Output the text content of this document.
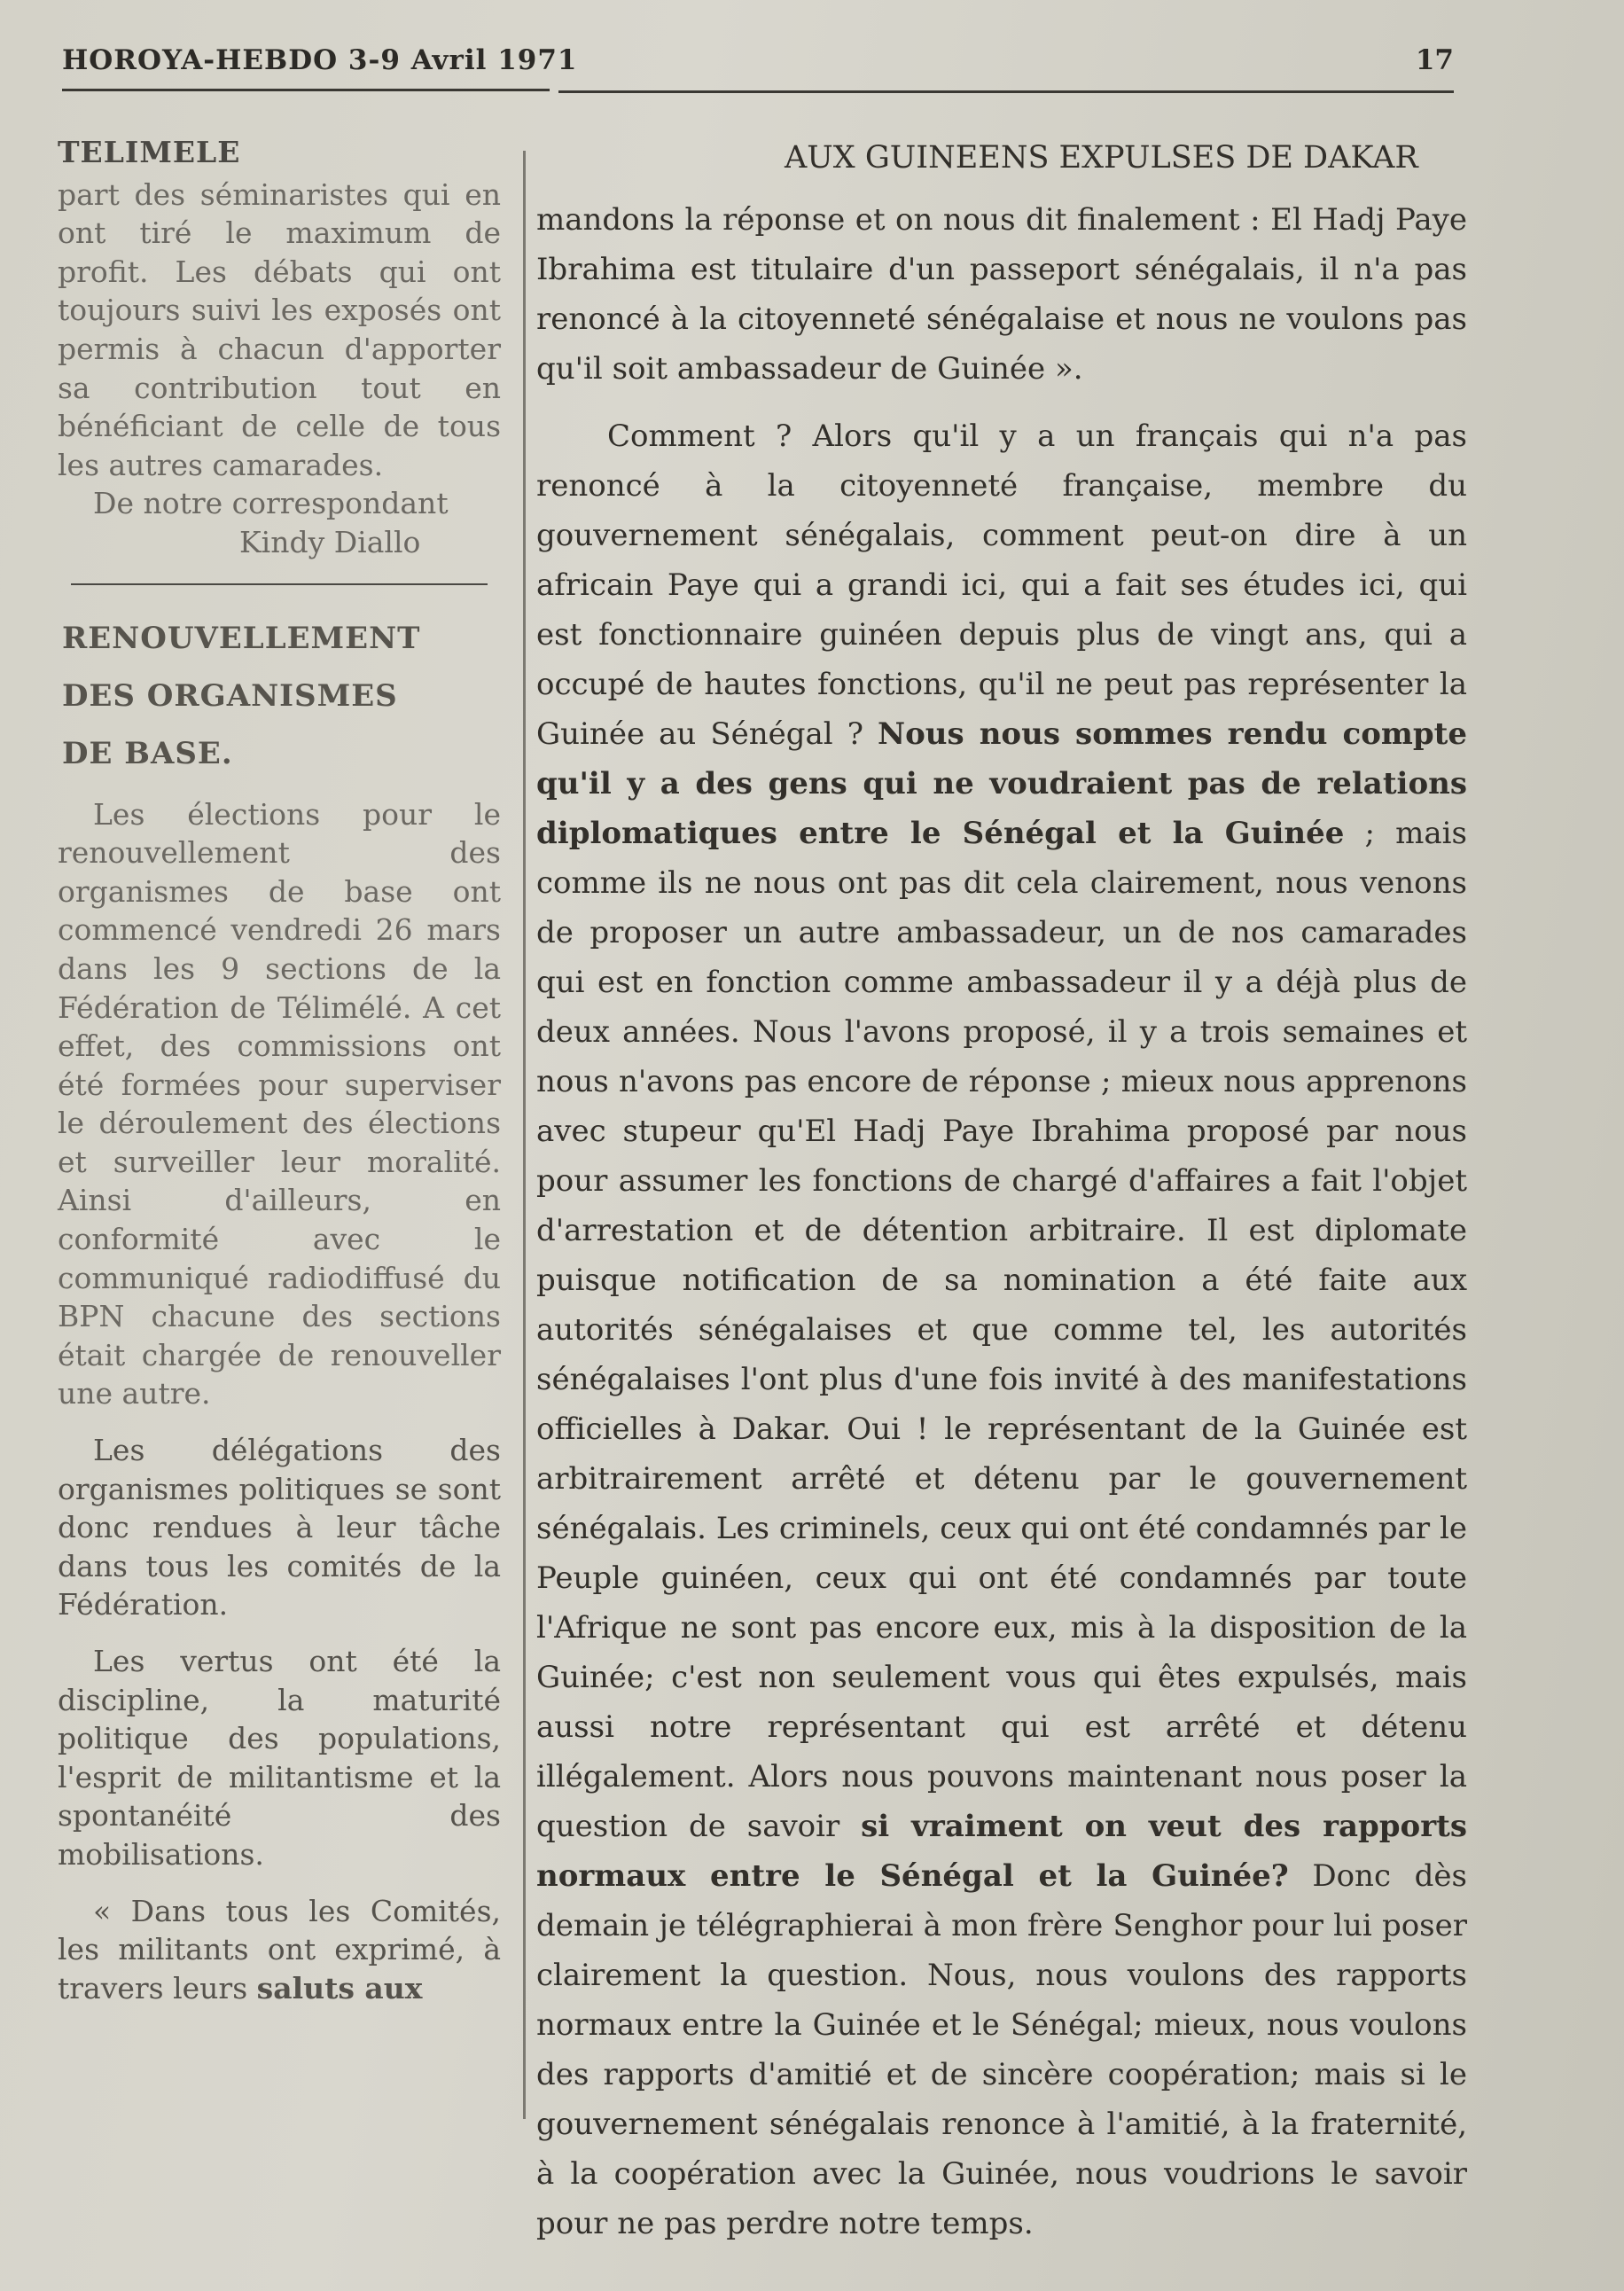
HOROYA-HEBDO 3-9 Avril 1971	17
TELIMELE

part des séminaristes qui en ont tiré le maximum de profit. Les débats qui ont toujours suivi les exposés ont permis à chacun d'apporter sa contribution tout en bénéficiant de celle de tous les autres camarades.

De notre correspondant

Kindy Diallo

RENOUVELLEMENT
DES ORGANISMES
DE BASE.

Les élections pour le renouvellement des organismes de base ont commencé vendredi 26 mars dans les 9 sections de la Fédération de Télimélé. A cet effet, des commissions ont été formées pour superviser le déroulement des élections et surveiller leur moralité. Ainsi d'ailleurs, en conformité avec le communiqué radiodiffusé du BPN chacune des sections était chargée de renouveller une autre.

Les délégations des organismes politiques se sont donc rendues à leur tâche dans tous les comités de la Fédération.

Les vertus ont été la discipline, la maturité politique des populations, l'esprit de militantisme et la spontanéité des mobilisations.

« Dans tous les Comités, les militants ont exprimé, à travers leurs saluts aux

mandons la réponse et on nous dit finalement : El Hadj Paye Ibrahima est titulaire d'un passeport sénégalais, il n'a pas renoncé à la citoyenneté sénégalaise et nous ne voulons pas qu'il soit ambassadeur de Guinée ».

Comment ? Alors qu'il y a un français qui n'a pas renoncé à la citoyenneté française, membre du gouvernement sénégalais, comment peut-on dire à un africain Paye qui a grandi ici, qui a fait ses études ici, qui est fonctionnaire guinéen depuis plus de vingt ans, qui a occupé de hautes fonctions, qu'il ne peut pas représenter la Guinée au Sénégal ? Nous nous sommes rendu compte qu'il y a des gens qui ne voudraient pas de relations diplomatiques entre le Sénégal et la Guinée ; mais comme ils ne nous ont pas dit cela clairement, nous venons de proposer un autre ambassadeur, un de nos camarades qui est en fonction comme ambassadeur il y a déjà plus de deux années. Nous l'avons proposé, il y a trois semaines et nous n'avons pas encore de réponse ; mieux nous apprenons avec stupeur qu'El Hadj Paye Ibrahima proposé par nous pour assumer les fonctions de chargé d'affaires a fait l'objet d'arrestation et de détention arbitraire. Il est diplomate puisque notification de sa nomination a été faite aux autorités sénégalaises et que comme tel, les autorités sénégalaises l'ont plus d'une fois invité à des manifestations officielles à Dakar. Oui ! le représentant de la Guinée est arbitrairement arrêté et détenu par le gouvernement sénégalais. Les criminels, ceux qui ont été condamnés par le Peuple guinéen, ceux qui ont été condamnés par toute l'Afrique ne sont pas encore eux, mis à la disposition de la Guinée; c'est non seulement vous qui êtes expulsés, mais aussi notre représentant qui est arrêté et détenu illégalement. Alors nous pouvons maintenant nous poser la question de savoir si vraiment on veut des rapports normaux entre le Sénégal et la Guinée? Donc dès demain je télégraphierai à mon frère Senghor pour lui poser clairement la question. Nous, nous voulons des rapports normaux entre la Guinée et le Sénégal; mieux, nous voulons des rapports d'amitié et de sincère coopération; mais si le gouvernement sénégalais renonce à l'amitié, à la fraternité, à la coopération avec la Guinée, nous voudrions le savoir pour ne pas perdre notre temps.

AUX GUINEENS EXPULSES DE DAKAR
